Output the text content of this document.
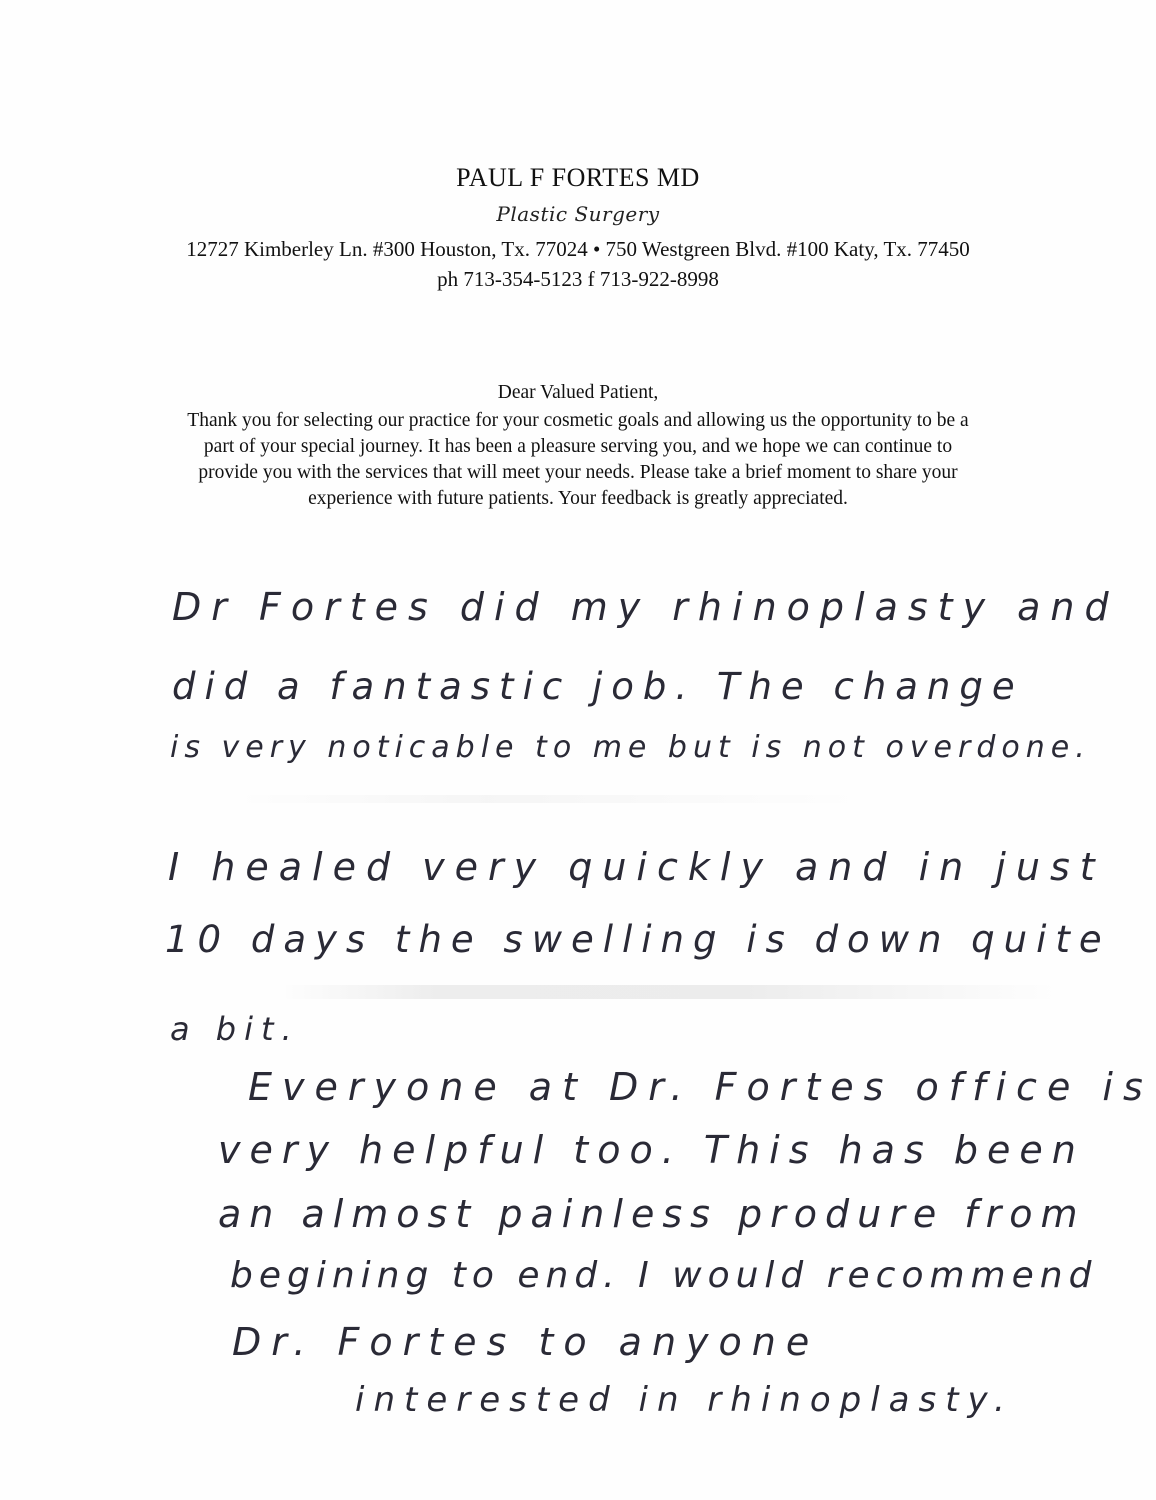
PAUL F FORTES MD

Plastic Surgery

12727 Kimberley Ln. #300 Houston, Tx. 77024 • 750 Westgreen Blvd. #100 Katy, Tx. 77450
ph 713-354-5123 f 713-922-8998

Dear Valued Patient,

Thank you for selecting our practice for your cosmetic goals and allowing us the opportunity to be a

part of your special journey. It has been a pleasure serving you, and we hope we can continue to

provide you with the services that will meet your needs. Please take a brief moment to share your

experience with future patients. Your feedback is greatly appreciated.

Dr Fortes did my rhinoplasty and
did a fantastic job. The change
is very noticable to me but is not overdone.
I healed very quickly and in just
10 days the swelling is down quite
a bit.
Everyone at Dr. Fortes office is
very helpful too. This has been
an almost painless produre from
begining to end. I would recommend
Dr. Fortes to anyone
interested in rhinoplasty.
